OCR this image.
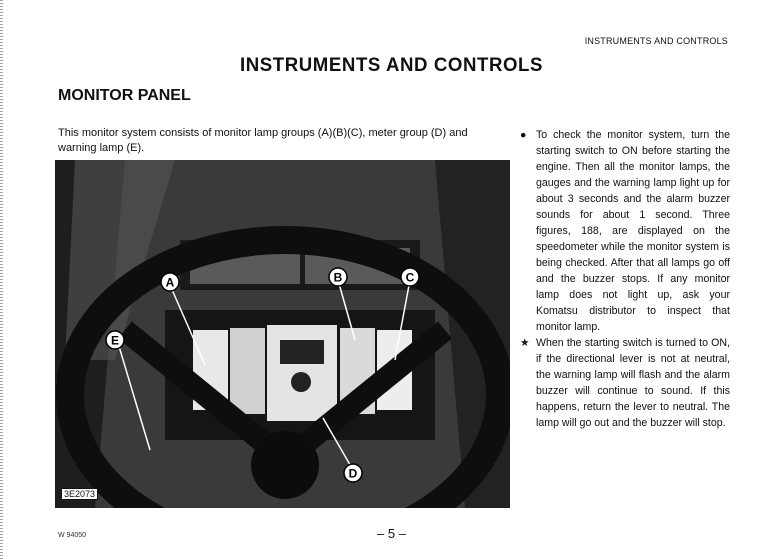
INSTRUMENTS AND CONTROLS
INSTRUMENTS AND CONTROLS
MONITOR PANEL
This monitor system consists of monitor lamp groups (A)(B)(C), meter group (D) and warning lamp (E).
A	B	C
D
E
3E2073
● To check the monitor system, turn the starting switch to ON before starting the engine. Then all the monitor lamps, the gauges and the warning lamp light up for about 3 seconds and the alarm buzzer sounds for about 1 second. Three figures, 188, are displayed on the speedometer while the monitor system is being checked. After that all lamps go off and the buzzer stops. If any monitor lamp does not light up, ask your Komatsu distributor to inspect that monitor lamp.
★ When the starting switch is turned to ON, if the directional lever is not at neutral, the warning lamp will flash and the alarm buzzer will continue to sound. If this happens, return the lever to neutral. The lamp will go out and the buzzer will stop.
– 5 –
W 94050
